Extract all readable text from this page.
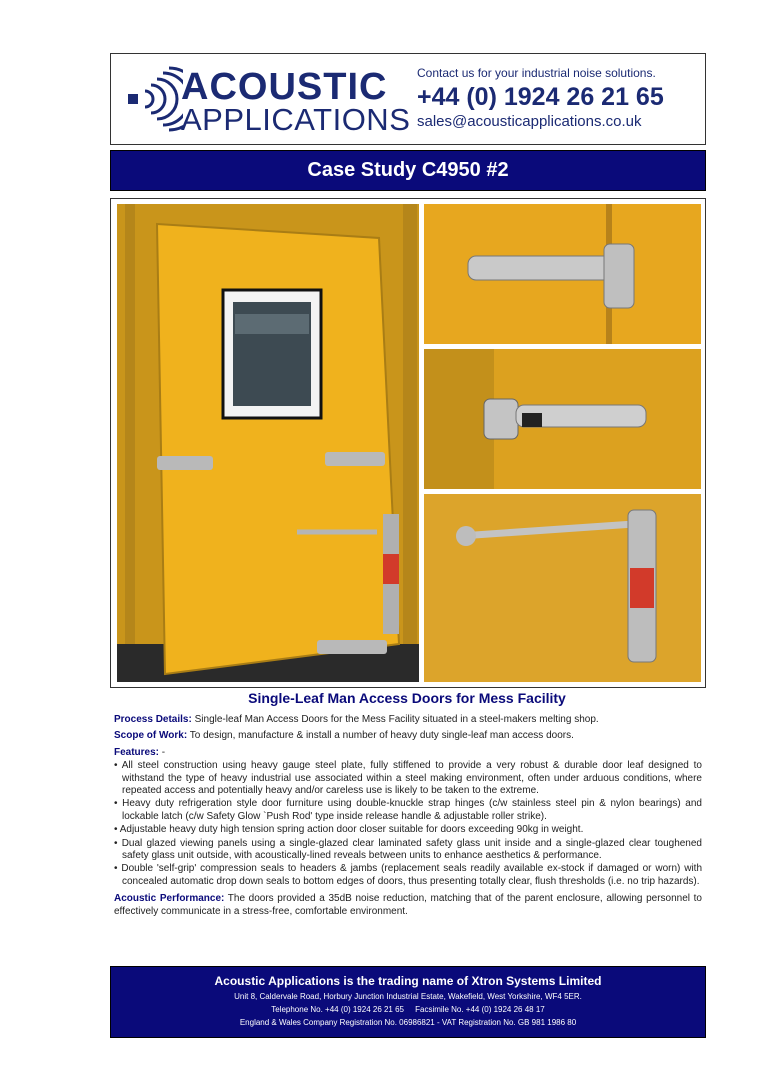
ACOUSTIC
APPLICATIONS
Contact us for your industrial noise solutions.
+44 (0) 1924 26 21 65
sales@acousticapplications.co.uk
Case Study C4950 #2
Single-Leaf Man Access Doors for Mess Facility

Process Details: Single-leaf Man Access Doors for the Mess Facility situated in a steel-makers melting shop.

Scope of Work: To design, manufacture & install a number of heavy duty single-leaf man access doors.

Features: -

• All steel construction using heavy gauge steel plate, fully stiffened to provide a very robust & durable door leaf designed to withstand the type of heavy industrial use associated within a steel making environment, often under arduous conditions, where repeated access and potentially heavy and/or careless use is likely to be taken to the extreme.
• Heavy duty refrigeration style door furniture using double-knuckle strap hinges (c/w stainless steel pin & nylon bearings) and lockable latch (c/w Safety Glow `Push Rod' type inside release handle & adjustable roller strike).
• Adjustable heavy duty high tension spring action door closer suitable for doors exceeding 90kg in weight.
• Dual glazed viewing panels using a single-glazed clear laminated safety glass unit inside and a single-glazed clear toughened safety glass unit outside, with acoustically-lined reveals between units to enhance aesthetics & performance.
• Double 'self-grip' compression seals to headers & jambs (replacement seals readily available ex-stock if damaged or worn) with concealed automatic drop down seals to bottom edges of doors, thus presenting totally clear, flush thresholds (i.e. no trip hazards).

Acoustic Performance: The doors provided a 35dB noise reduction, matching that of the parent enclosure, allowing personnel to effectively communicate in a stress-free, comfortable environment.

Acoustic Applications is the trading name of Xtron Systems Limited
Unit 8, Caldervale Road, Horbury Junction Industrial Estate, Wakefield, West Yorkshire, WF4 5ER.
Telephone No. +44 (0) 1924 26 21 65     Facsimile No. +44 (0) 1924 26 48 17
England & Wales Company Registration No. 06986821 - VAT Registration No. GB 981 1986 80
